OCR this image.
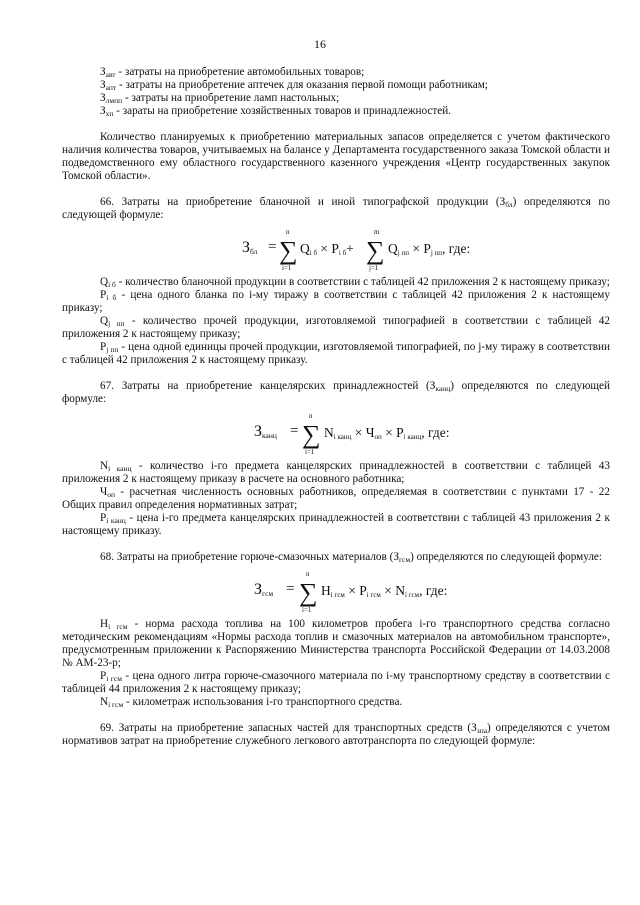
16

$З_{авт}$ - затраты на приобретение автомобильных товаров;

$З_{апт}$ - затраты на приобретение аптечек для оказания первой помощи работникам;

$З_{лмпп}$ - затраты на приобретение ламп настольных;

$З_{хп}$ - зараты на приобретение хозяйственных товаров и принадлежностей.

Количество планируемых к приобретению материальных запасов определяется с учетом фактического наличия количества товаров, учитываемых на балансе у Департамента государственного заказа Томской области и подведомственного ему областного государственного казенного учреждения «Центр государственных закупок Томской области».

66. Затраты на приобретение бланочной и иной типографской продукции $(З_{бл})$ определяются по следующей формуле:

$З_{бл}$ =
n
∑
i=1
$Q_{i б} \times P_{i б}+$
m
∑
j=1
$Q_{j пп} \times P_{j пп}$, где:

$Q_{i б}$ - количество бланочной продукции в соответствии с таблицей 42 приложения 2 к настоящему приказу;

$P_{i б}$ - цена одного бланка по i-му тиражу в соответствии с таблицей 42 приложения 2 к настоящему приказу;

$Q_{j пп}$ - количество прочей продукции, изготовляемой типографией в соответствии с таблицей 42 приложения 2 к настоящему приказу;

$P_{j пп}$ - цена одной единицы прочей продукции, изготовляемой типографией, по j-му тиражу в соответствии с таблицей 42 приложения 2 к настоящему приказу.

67. Затраты на приобретение канцелярских принадлежностей $(З_{канц})$ определяются по следующей формуле:

$З_{канц}$ =
n
∑
i=1
$N_{i канц} \times Ч_{оп} \times P_{i канц}$, где:

$N_{i канц}$ - количество i-го предмета канцелярских принадлежностей в соответствии с таблицей 43 приложения 2 к настоящему приказу в расчете на основного работника;

$Ч_{оп}$ - расчетная численность основных работников, определяемая в соответствии с пунктами 17 - 22 Общих правил определения нормативных затрат;

$P_{i канц}$ - цена i-го предмета канцелярских принадлежностей в соответствии с таблицей 43 приложения 2 к настоящему приказу.

68. Затраты на приобретение горюче-смазочных материалов $(З_{гсм})$ определяются по следующей формуле:

$З_{гсм}$ =
n
∑
i=1
$Н_{i гсм} \times P_{i гсм} \times N_{i гсм}$, где:

$Н_{i гсм}$ - норма расхода топлива на 100 километров пробега i-го транспортного средства согласно методическим рекомендациям «Нормы расхода топлив и смазочных материалов на автомобильном транспорте», предусмотренным приложении к Распоряжению Министерства транспорта Российской Федерации от 14.03.2008 № АМ-23-р;

$P_{i гсм}$ - цена одного литра горюче-смазочного материала по i-му транспортному средству в соответствии с таблицей 44 приложения 2 к настоящему приказу;

$N_{i гсм}$ - километраж использования i-го транспортного средства.

69. Затраты на приобретение запасных частей для транспортных средств $(З_{зпа})$ определяются с учетом нормативов затрат на приобретение служебного легкового автотранспорта по следующей формуле:
